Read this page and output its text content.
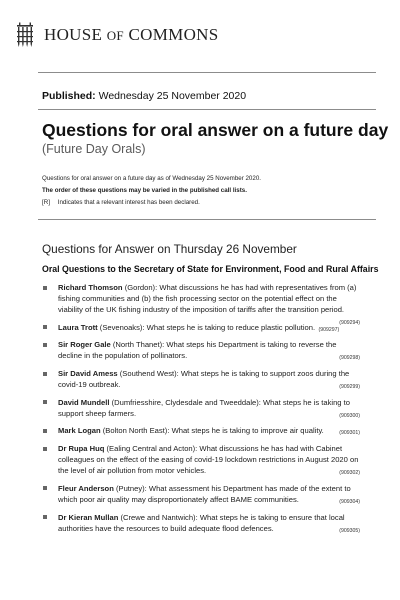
HOUSE OF COMMONS
Published: Wednesday 25 November 2020
Questions for oral answer on a future day
(Future Day Orals)
Questions for oral answer on a future day as of Wednesday 25 November 2020.
The order of these questions may be varied in the published call lists.
[R] Indicates that a relevant interest has been declared.
Questions for Answer on Thursday 26 November
Oral Questions to the Secretary of State for Environment, Food and Rural Affairs
Richard Thomson (Gordon): What discussions he has had with representatives from (a) fishing communities and (b) the fish processing sector on the potential effect on the viability of the UK fishing industry of the imposition of tariffs after the transition period.
(909294)
Laura Trott (Sevenoaks): What steps he is taking to reduce plastic pollution. (909297)
Sir Roger Gale (North Thanet): What steps his Department is taking to reverse the decline in the population of pollinators.	(909298)
Sir David Amess (Southend West): What steps he is taking to support zoos during the covid-19 outbreak.	(909299)
David Mundell (Dumfriesshire, Clydesdale and Tweeddale): What steps he is taking to support sheep farmers.	(909300)
Mark Logan (Bolton North East): What steps he is taking to improve air quality.	(909301)
Dr Rupa Huq (Ealing Central and Acton): What discussions he has had with Cabinet colleagues on the effect of the easing of covid-19 lockdown restrictions in August 2020 on the level of air pollution from motor vehicles.	(909302)
Fleur Anderson (Putney): What assessment his Department has made of the extent to which poor air quality may disproportionately affect BAME communities.	(909304)
Dr Kieran Mullan (Crewe and Nantwich): What steps he is taking to ensure that local authorities have the resources to build adequate flood defences.	(909305)
